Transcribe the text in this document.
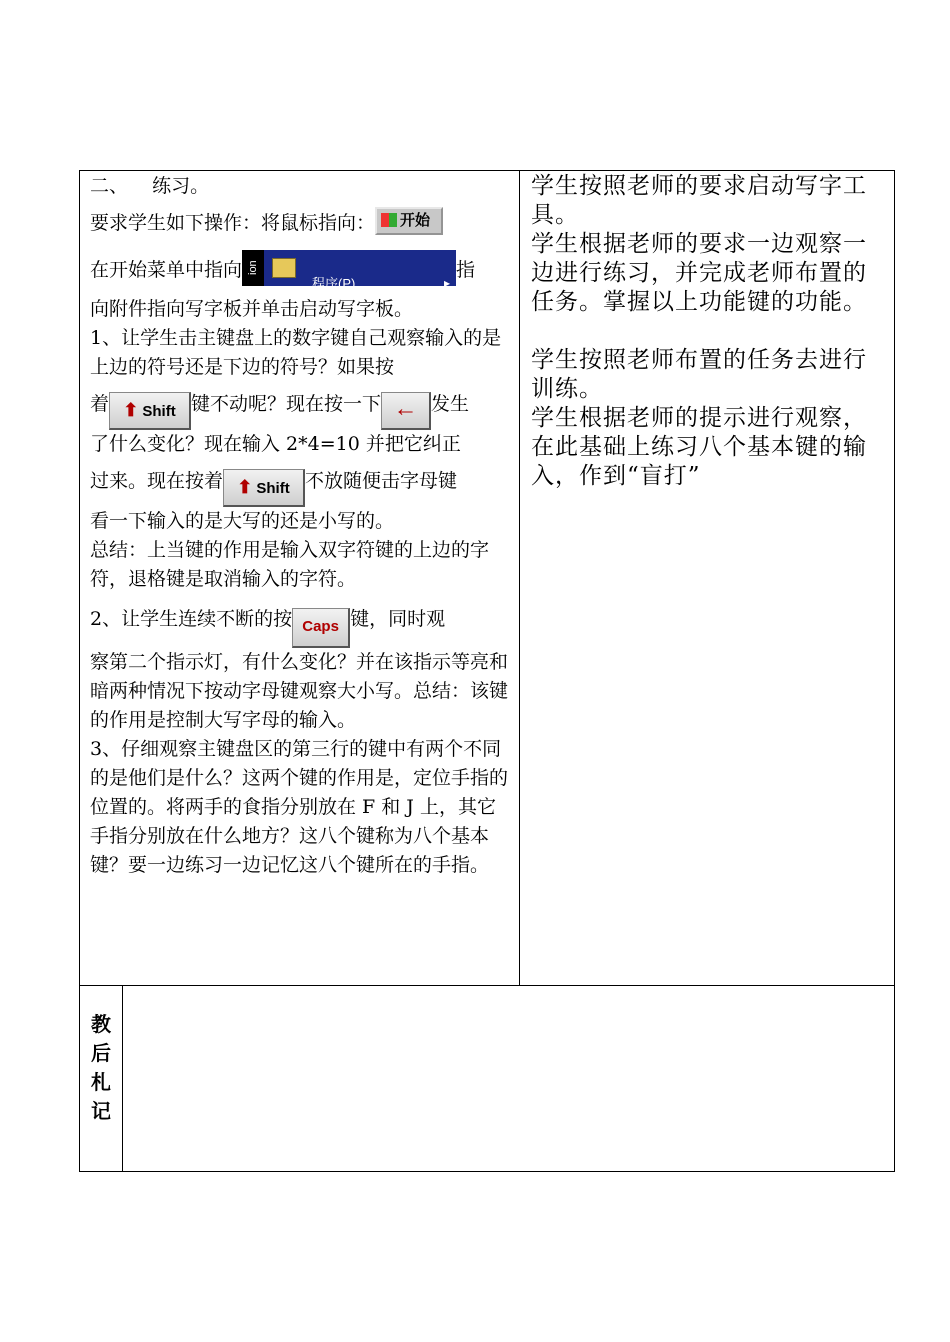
二、    练习。

要求学生如下操作：将鼠标指向： 开始

在开始菜单中指向 ion
程序(P)	▸
指

向附件指向写字板并单击启动写字板。

1、让学生击主键盘上的数字键自己观察输入的是上边的符号还是下边的符号？如果按

着 ⬆ Shift 键不动呢？现在按一下 ← 发生

了什么变化？现在输入 2*4=10 并把它纠正

过来。现在按着 ⬆ Shift 不放随便击字母键

看一下输入的是大写的还是小写的。

总结：上当键的作用是输入双字符键的上边的字符，退格键是取消输入的字符。

2、让学生连续不断的按 Caps 键，同时观

察第二个指示灯，有什么变化？并在该指示等亮和暗两种情况下按动字母键观察大小写。总结：该键的作用是控制大写字母的输入。

3、仔细观察主键盘区的第三行的键中有两个不同的是他们是什么？这两个键的作用是，定位手指的位置的。将两手的食指分别放在 F 和 J 上，其它手指分别放在什么地方？这八个键称为八个基本键？要一边练习一边记忆这八个键所在的手指。

学生按照老师的要求启动写字工具。

学生根据老师的要求一边观察一边进行练习，并完成老师布置的任务。掌握以上功能键的功能。

学生按照老师布置的任务去进行训练。

学生根据老师的提示进行观察，在此基础上练习八个基本键的输入，作到“盲打”

教后札记
